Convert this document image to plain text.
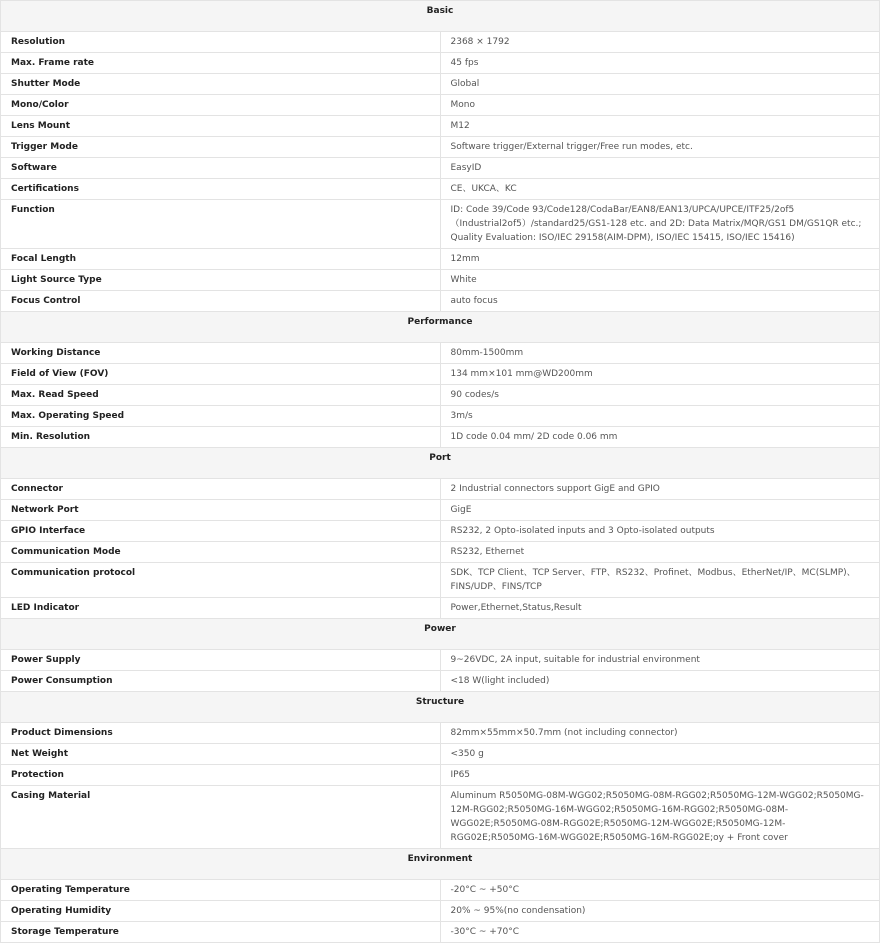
Basic	
Resolution	2368 × 1792
Max. Frame rate	45 fps
Shutter Mode	Global
Mono/Color	Mono
Lens Mount	M12
Trigger Mode	Software trigger/External trigger/Free run modes, etc.
Software	EasyID
Certifications	CE、UKCA、KC
Function	ID: Code 39/Code 93/Code128/CodaBar/EAN8/EAN13/UPCA/UPCE/ITF25/2of5（Industrial2of5）/standard25/GS1-128 etc. and 2D: Data Matrix/MQR/GS1 DM/GS1QR etc.; Quality Evaluation: ISO/IEC 29158(AIM-DPM), ISO/IEC 15415, ISO/IEC 15416)
Focal Length	12mm
Light Source Type	White
Focus Control	auto focus
Performance	
Working Distance	80mm-1500mm
Field of View (FOV)	134 mm×101 mm@WD200mm
Max. Read Speed	90 codes/s
Max. Operating Speed	3m/s
Min. Resolution	1D code 0.04 mm/ 2D code 0.06 mm
Port	
Connector	2 Industrial connectors support GigE and GPIO
Network Port	GigE
GPIO Interface	RS232, 2 Opto-isolated inputs and 3 Opto-isolated outputs
Communication Mode	RS232, Ethernet
Communication protocol	SDK、TCP Client、TCP Server、FTP、RS232、Profinet、Modbus、EtherNet/IP、MC(SLMP)、FINS/UDP、FINS/TCP
LED Indicator	Power,Ethernet,Status,Result
Power	
Power Supply	9~26VDC, 2A input, suitable for industrial environment
Power Consumption	<18 W(light included)
Structure	
Product Dimensions	82mm×55mm×50.7mm (not including connector)
Net Weight	<350 g
Protection	IP65
Casing Material	Aluminum R5050MG-08M-WGG02;R5050MG-08M-RGG02;R5050MG-12M-WGG02;R5050MG-12M-RGG02;R5050MG-16M-WGG02;R5050MG-16M-RGG02;R5050MG-08M-WGG02E;R5050MG-08M-RGG02E;R5050MG-12M-WGG02E;R5050MG-12M-RGG02E;R5050MG-16M-WGG02E;R5050MG-16M-RGG02E;oy + Front cover
Environment	
Operating Temperature	-20°C ~ +50°C
Operating Humidity	20% ~ 95%(no condensation)
Storage Temperature	-30°C ~ +70°C
